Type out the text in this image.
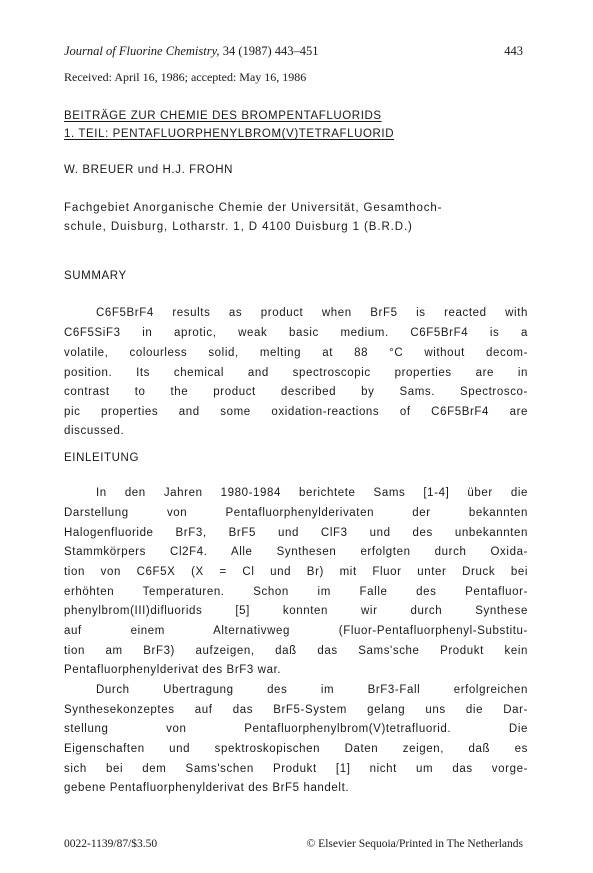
Journal of Fluorine Chemistry, 34 (1987) 443–451	443
Received: April 16, 1986; accepted: May 16, 1986
BEITRÄGE ZUR CHEMIE DES BROMPENTAFLUORIDS
1. TEIL: PENTAFLUORPHENYLBROM(V)TETRAFLUORID
W. BREUER und H.J. FROHN
Fachgebiet Anorganische Chemie der Universität, Gesamthoch-
schule, Duisburg, Lotharstr. 1, D 4100 Duisburg 1 (B.R.D.)
SUMMARY
C6F5BrF4 results as product when BrF5 is reacted with
C6F5SiF3 in aprotic, weak basic medium. C6F5BrF4 is a
volatile, colourless solid, melting at 88 °C without decom-
position. Its chemical and spectroscopic properties are in
contrast to the product described by Sams. Spectrosco-
pic properties and some oxidation-reactions of C6F5BrF4 are
discussed.
EINLEITUNG
In den Jahren 1980-1984 berichtete Sams [1-4] über die
Darstellung von Pentafluorphenylderivaten der bekannten
Halogenfluoride BrF3, BrF5 und ClF3 und des unbekannten
Stammkörpers Cl2F4. Alle Synthesen erfolgten durch Oxida-
tion von C6F5X (X = Cl und Br) mit Fluor unter Druck bei
erhöhten Temperaturen. Schon im Falle des Pentafluor-
phenylbrom(III)difluorids [5] konnten wir durch Synthese
auf einem Alternativweg (Fluor-Pentafluorphenyl-Substitu-
tion am BrF3) aufzeigen, daß das Sams'sche Produkt kein
Pentafluorphenylderivat des BrF3 war.
Durch Übertragung des im BrF3-Fall erfolgreichen
Synthesekonzeptes auf das BrF5-System gelang uns die Dar-
stellung von Pentafluorphenylbrom(V)tetrafluorid. Die
Eigenschaften und spektroskopischen Daten zeigen, daß es
sich bei dem Sams'schen Produkt [1] nicht um das vorge-
gebene Pentafluorphenylderivat des BrF5 handelt.
0022-1139/87/$3.50	© Elsevier Sequoia/Printed in The Netherlands
